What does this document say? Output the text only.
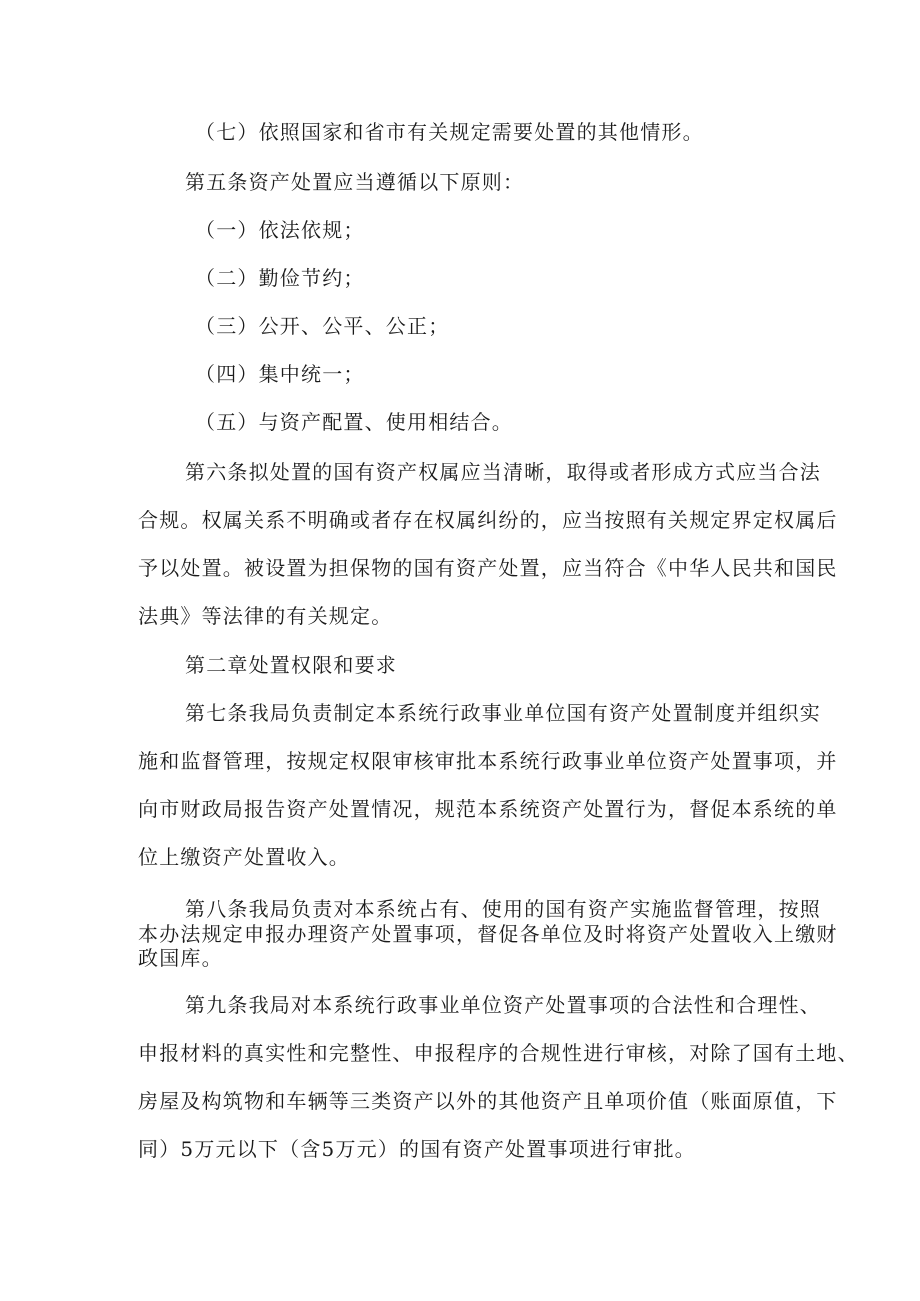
（七）依照国家和省市有关规定需要处置的其他情形。
第五条资产处置应当遵循以下原则：
（一）依法依规；
（二）勤俭节约；
（三）公开、公平、公正；
（四）集中统一；
（五）与资产配置、使用相结合。
第六条拟处置的国有资产权属应当清晰，取得或者形成方式应当合法
合规。权属关系不明确或者存在权属纠纷的，应当按照有关规定界定权属后
予以处置。被设置为担保物的国有资产处置，应当符合《中华人民共和国民
法典》等法律的有关规定。
第二章处置权限和要求
第七条我局负责制定本系统行政事业单位国有资产处置制度并组织实
施和监督管理，按规定权限审核审批本系统行政事业单位资产处置事项，并
向市财政局报告资产处置情况，规范本系统资产处置行为，督促本系统的单
位上缴资产处置收入。
第八条我局负责对本系统占有、使用的国有资产实施监督管理，按照
本办法规定申报办理资产处置事项，督促各单位及时将资产处置收入上缴财
政国库。
第九条我局对本系统行政事业单位资产处置事项的合法性和合理性、
申报材料的真实性和完整性、申报程序的合规性进行审核，对除了国有土地、
房屋及构筑物和车辆等三类资产以外的其他资产且单项价值（账面原值，下
同）5万元以下（含5万元）的国有资产处置事项进行审批。
